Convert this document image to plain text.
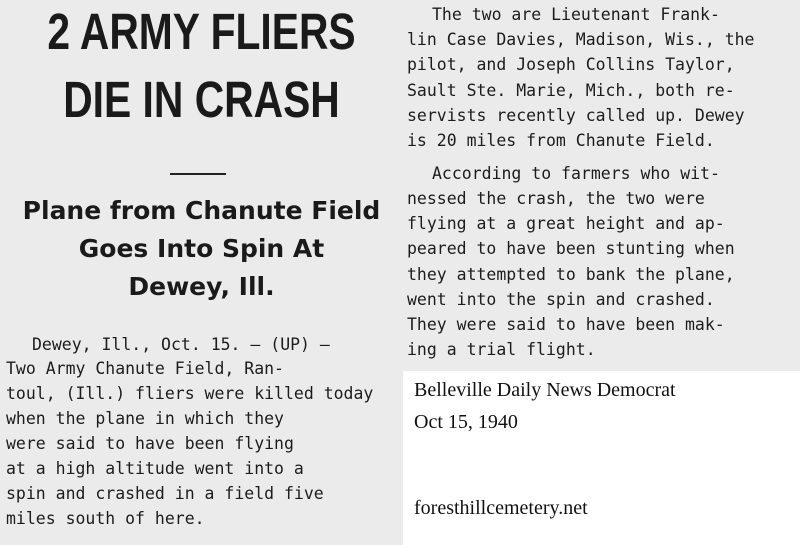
2 ARMY FLIERS
DIE IN CRASH
Plane from Chanute Field
Goes Into Spin At
Dewey, Ill.
Dewey, Ill., Oct. 15. — (UP) —
Two Army Chanute Field, Ran-
toul, (Ill.) fliers were killed today
when the plane in which they
were said to have been flying
at a high altitude went into a
spin and crashed in a field five
miles south of here.
The two are Lieutenant Frank-
lin Case Davies, Madison, Wis., the
pilot, and Joseph Collins Taylor,
Sault Ste. Marie, Mich., both re-
servists recently called up. Dewey
is 20 miles from Chanute Field.
According to farmers who wit-
nessed the crash, the two were
flying at a great height and ap-
peared to have been stunting when
they attempted to bank the plane,
went into the spin and crashed.
They were said to have been mak-
ing a trial flight.
Belleville Daily News Democrat
Oct 15, 1940
foresthillcemetery.net
